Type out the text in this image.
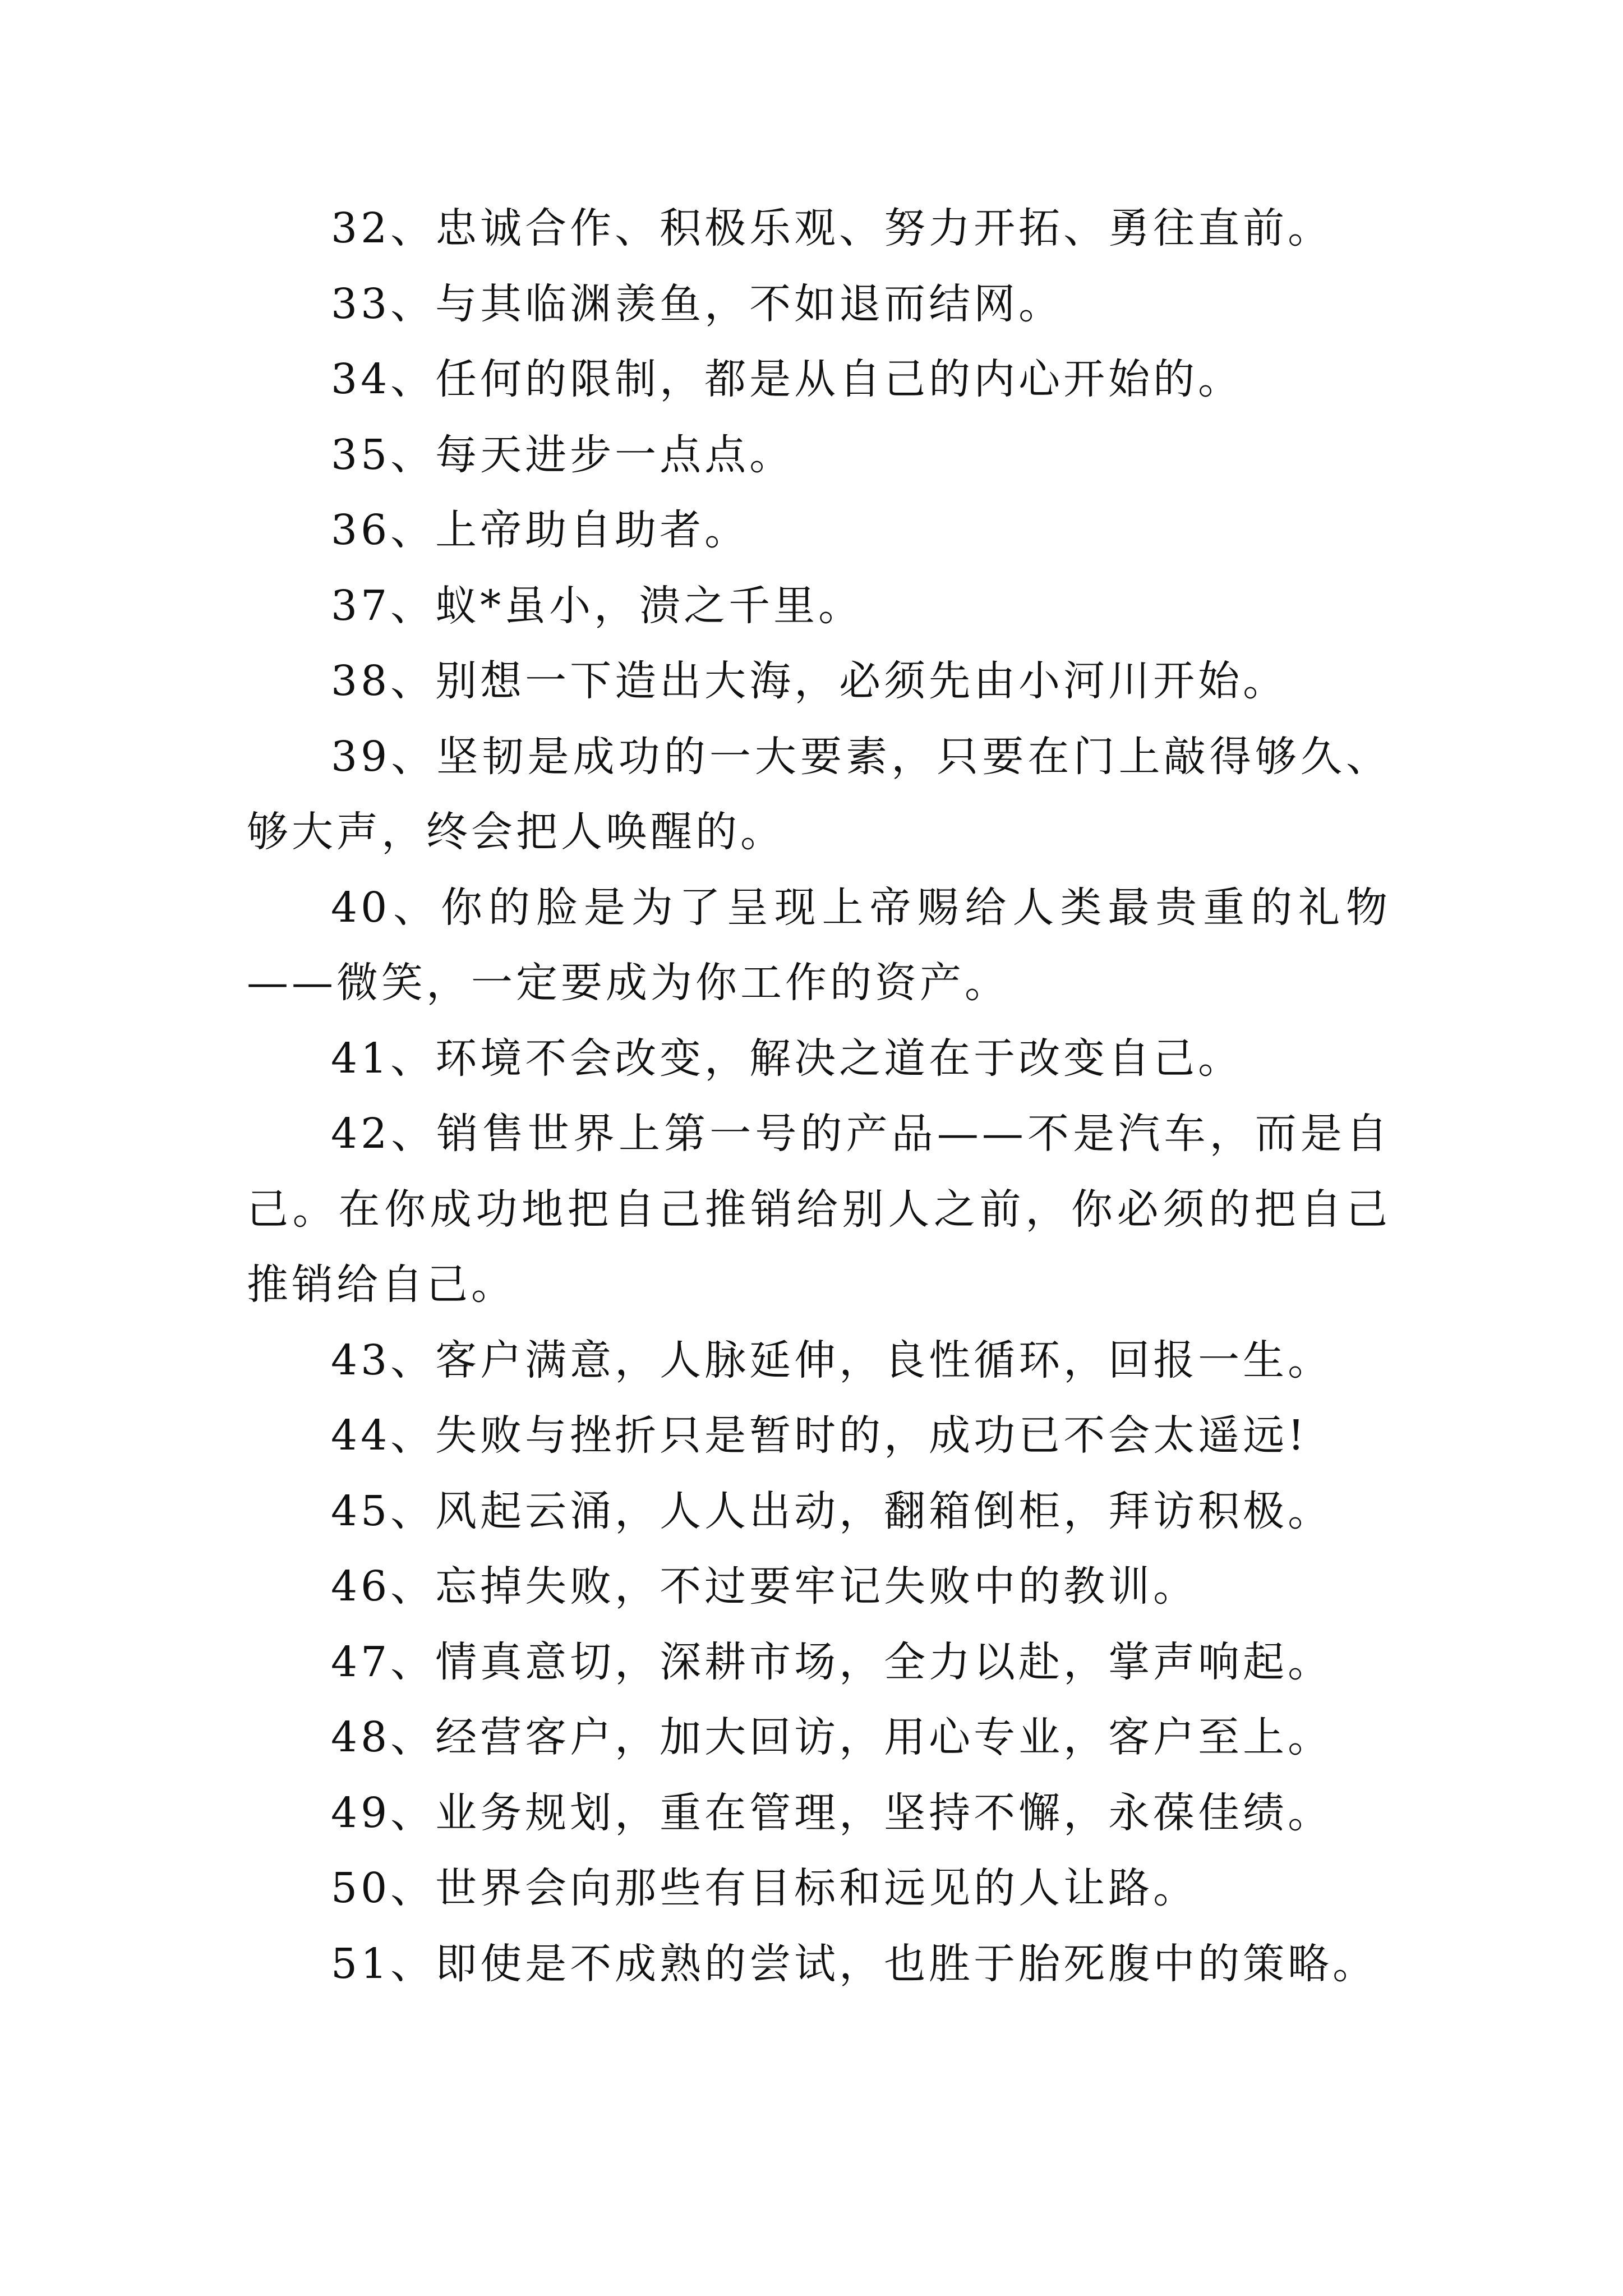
32、忠诚合作、积极乐观、努力开拓、勇往直前。

33、与其临渊羡鱼，不如退而结网。

34、任何的限制，都是从自己的内心开始的。

35、每天进步一点点。

36、上帝助自助者。

37、蚁*虽小，溃之千里。

38、别想一下造出大海，必须先由小河川开始。

39、坚韧是成功的一大要素，只要在门上敲得够久、够大声，终会把人唤醒的。

40、你的脸是为了呈现上帝赐给人类最贵重的礼物——微笑，一定要成为你工作的资产。

41、环境不会改变，解决之道在于改变自己。

42、销售世界上第一号的产品——不是汽车，而是自己。在你成功地把自己推销给别人之前，你必须的把自己推销给自己。

43、客户满意，人脉延伸，良性循环，回报一生。

44、失败与挫折只是暂时的，成功已不会太遥远!

45、风起云涌，人人出动，翻箱倒柜，拜访积极。

46、忘掉失败，不过要牢记失败中的教训。

47、情真意切，深耕市场，全力以赴，掌声响起。

48、经营客户，加大回访，用心专业，客户至上。

49、业务规划，重在管理，坚持不懈，永葆佳绩。

50、世界会向那些有目标和远见的人让路。

51、即使是不成熟的尝试，也胜于胎死腹中的策略。
